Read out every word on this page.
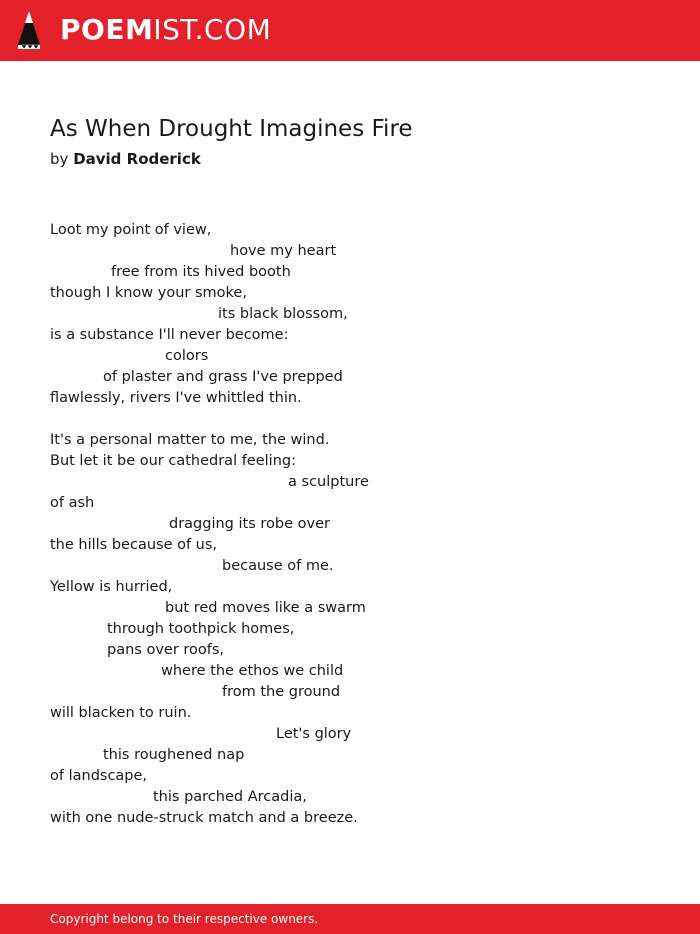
POEMIST.COM
As When Drought Imagines Fire
by David Roderick
Loot my point of view,
hove my heart
free from its hived booth
though I know your smoke,
its black blossom,
is a substance I'll never become:
colors
of plaster and grass I've prepped
flawlessly, rivers I've whittled thin.
It's a personal matter to me, the wind.
But let it be our cathedral feeling:
a sculpture
of ash
dragging its robe over
the hills because of us,
because of me.
Yellow is hurried,
but red moves like a swarm
through toothpick homes,
pans over roofs,
where the ethos we child
from the ground
will blacken to ruin.
Let's glory
this roughened nap
of landscape,
this parched Arcadia,
with one nude-struck match and a breeze.
Copyright belong to their respective owners.
